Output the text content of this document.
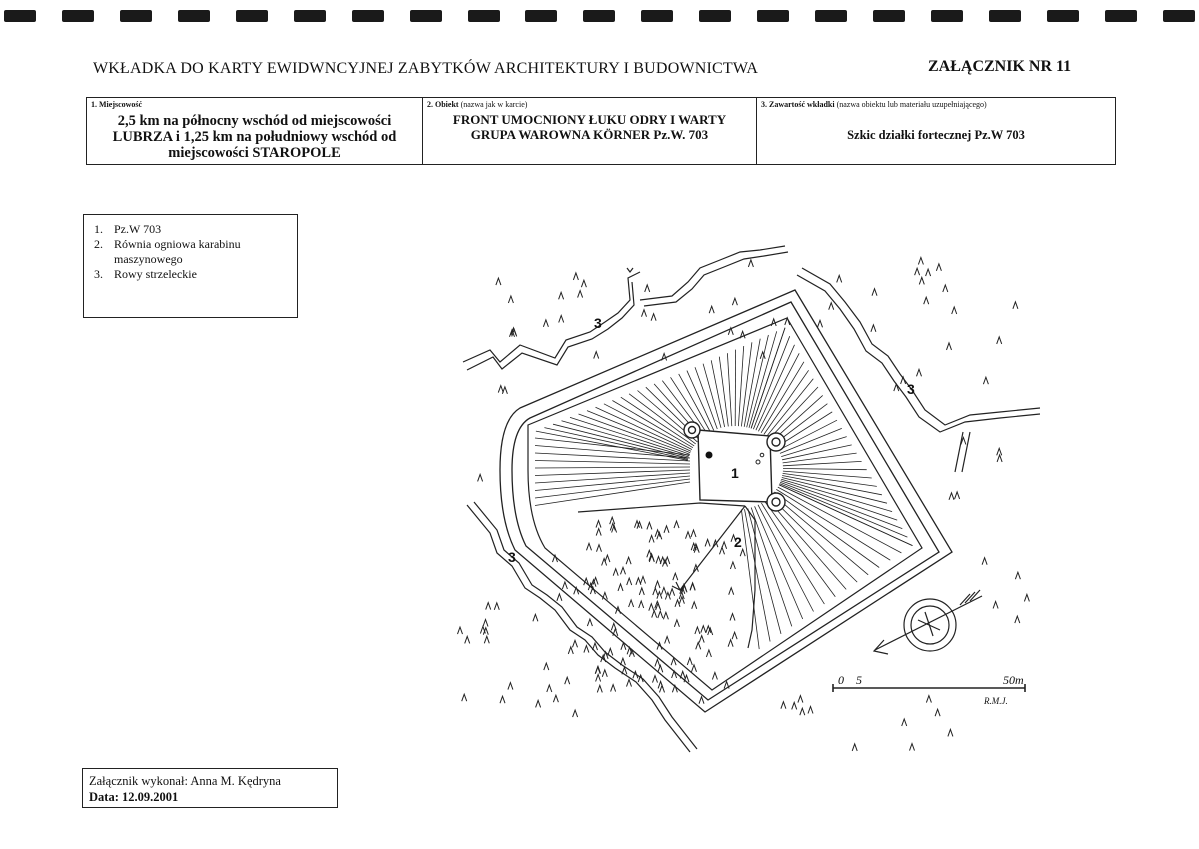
WKŁADKA DO KARTY EWIDWNCYJNEJ ZABYTKÓW ARCHITEKTURY I BUDOWNICTWA	ZAŁĄCZNIK NR 11
1. Miejscowość
2,5 km na północny wschód od miejscowości
LUBRZA i 1,25 km na południowy wschód od
miejscowości STAROPOLE
2. Obiekt (nazwa jak w karcie)
FRONT UMOCNIONY ŁUKU ODRY I WARTY
GRUPA WAROWNA KÖRNER Pz.W. 703
3. Zawartość wkładki (nazwa obiektu lub materiału uzupełniającego)
Szkic działki fortecznej Pz.W 703
1. Pz.W 703
2. Równia ogniowa karabinu
maszynowego
3. Rowy strzeleckie
1
2
3
3
3
0 5	50m
R.M.J.
Załącznik wykonał: Anna M. Kędryna
Data: 12.09.2001
